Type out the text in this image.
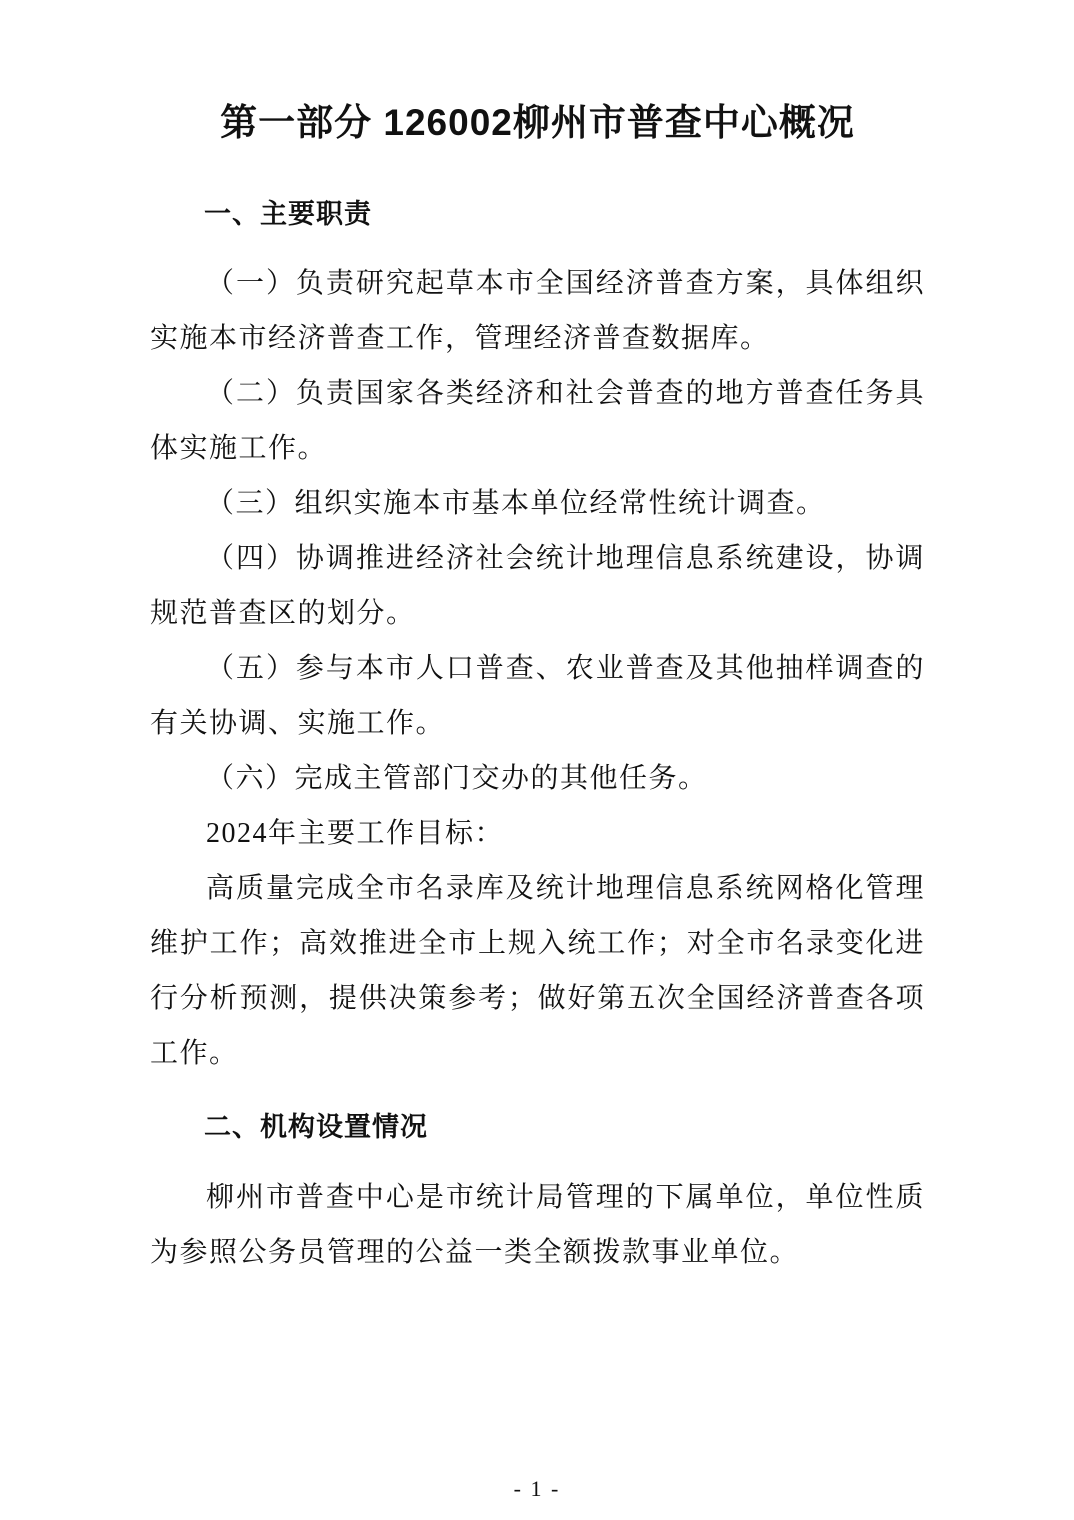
第一部分 126002柳州市普查中心概况
一、主要职责

（一）负责研究起草本市全国经济普查方案，具体组织实施本市经济普查工作，管理经济普查数据库。

（二）负责国家各类经济和社会普查的地方普查任务具体实施工作。

（三）组织实施本市基本单位经常性统计调查。

（四）协调推进经济社会统计地理信息系统建设，协调规范普查区的划分。

（五）参与本市人口普查、农业普查及其他抽样调查的有关协调、实施工作。

（六）完成主管部门交办的其他任务。

2024年主要工作目标：

高质量完成全市名录库及统计地理信息系统网格化管理维护工作；高效推进全市上规入统工作；对全市名录变化进行分析预测，提供决策参考；做好第五次全国经济普查各项工作。

二、机构设置情况

柳州市普查中心是市统计局管理的下属单位，单位性质为参照公务员管理的公益一类全额拨款事业单位。

- 1 -
